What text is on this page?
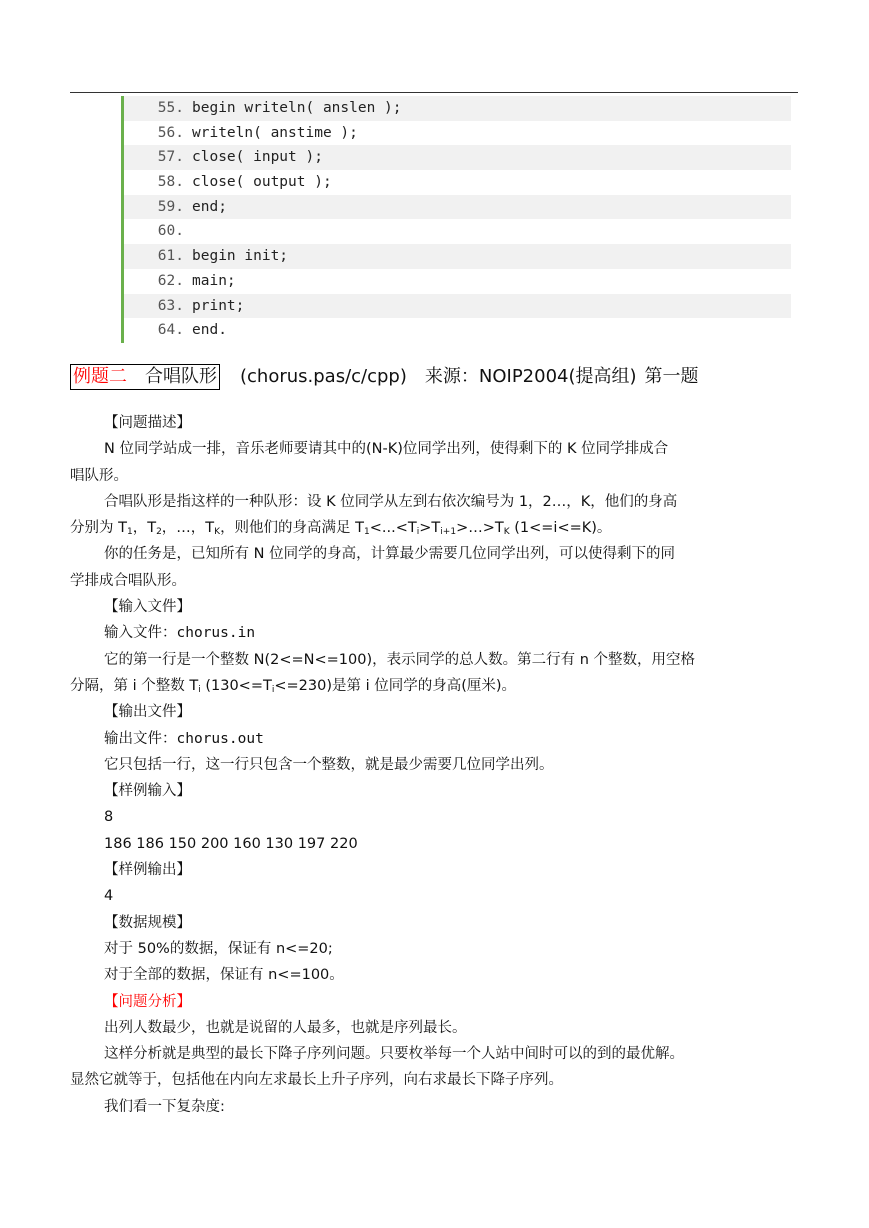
55. begin writeln( anslen );
56. writeln( anstime );
57. close( input );
58. close( output );
59. end;
60.
61. begin init;
62. main;
63. print;
64. end.
例题二 合唱队形 (chorus.pas/c/cpp) 来源：NOIP2004(提高组) 第一题
【问题描述】
N 位同学站成一排，音乐老师要请其中的(N-K)位同学出列，使得剩下的 K 位同学排成合
唱队形。
合唱队形是指这样的一种队形：设 K 位同学从左到右依次编号为 1，2…，K，他们的身高
分别为 $T_1$，$T_2$，…，$T_K$，则他们的身高满足 $T_1<...<T_i>T_{i+1}>\dots>T_K$ (1<=i<=K)。
你的任务是，已知所有 N 位同学的身高，计算最少需要几位同学出列，可以使得剩下的同
学排成合唱队形。
【输入文件】
输入文件：chorus.in
它的第一行是一个整数 N(2<=N<=100)，表示同学的总人数。第二行有 n 个整数，用空格
分隔，第 i 个整数 $T_i$ $(130<=T_i<=230)$是第 i 位同学的身高(厘米)。
【输出文件】
输出文件：chorus.out
它只包括一行，这一行只包含一个整数，就是最少需要几位同学出列。
【样例输入】
8
186 186 150 200 160 130 197 220
【样例输出】
4
【数据规模】
对于 50%的数据，保证有 n<=20;
对于全部的数据，保证有 n<=100。
【问题分析】
出列人数最少，也就是说留的人最多，也就是序列最长。
这样分析就是典型的最长下降子序列问题。只要枚举每一个人站中间时可以的到的最优解。
显然它就等于，包括他在内向左求最长上升子序列，向右求最长下降子序列。
我们看一下复杂度:
